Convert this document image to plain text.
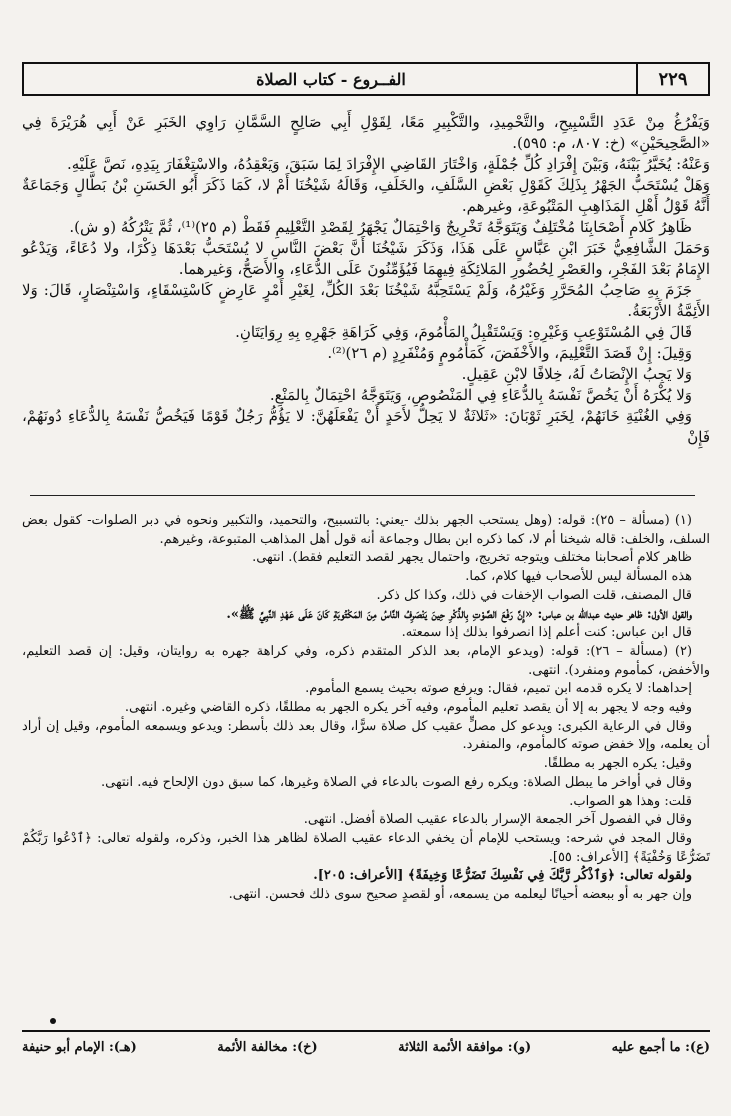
٢٢٩
الفــروع - كتاب الصلاة

وَيَفْرُغُ مِنْ عَدَدِ التَّسْبِيحِ، والتَّحْمِيدِ، والتَّكْبِيرِ مَعًا، لِقَوْلِ أَبِي صَالِحٍ السَّمَّانِ رَاوِي الخَبَرِ عَنْ أَبِي هُرَيْرَةَ فِي «الصَّحِيحَيْنِ» (خ: ٨٠٧، م: ٥٩٥).

وَعَنْهُ: يُخَيَّرُ بَيْنَهُ، وَبَيْنَ إِفْرَادِ كُلِّ جُمْلَةٍ، وَاخْتَارَ القَاضِي الإِفْرَادَ لِمَا سَبَقَ، وَيَعْقِدُهُ، والاسْتِغْفَارَ بِيَدِهِ، نَصَّ عَلَيْهِ.

وَهَلْ يُسْتَحَبُّ الجَهْرُ بِذَلِكَ كَقَوْلِ بَعْضِ السَّلَفِ، والخَلَفِ، وَقَالَهُ شَيْخُنَا أَمْ لا، كَمَا ذَكَرَ أَبُو الحَسَنِ بْنُ بَطَّالٍ وَجَمَاعَةٌ أَنَّهُ قَوْلُ أَهْلِ المَذَاهِبِ المَتْبُوعَةِ، وغيرهم.

ظَاهِرُ كَلامِ أَصْحَابِنَا مُخْتَلِفٌ وَيَتَوَجَّهُ تَخْرِيجٌ وَاحْتِمَالٌ يَجْهَرُ لِقَصْدِ التَّعْلِيمِ فَقَطْ (م ٢٥)⁽¹⁾، ثُمَّ يَتْرُكُهُ (و ش).

وَحَمَلَ الشَّافِعِيُّ خَبَرَ ابْنِ عَبَّاسٍ عَلَى هَذَا، وَذَكَرَ شَيْخُنَا أَنَّ بَعْضَ النَّاسِ لا يُسْتَحَبُّ بَعْدَهَا ذِكْرًا، ولا دُعَاءً، وَيَدْعُو الإِمَامُ بَعْدَ الفَجْرِ، والعَصْرِ لِحُضُورِ المَلائِكَةِ فِيهِمَا فَيُؤَمِّنُونَ عَلَى الدُّعَاءِ، والأَصَحُّ، وَغيرهما.

جَزَمَ بِهِ صَاحِبُ المُحَرَّرِ وَغَيْرُهُ، وَلَمْ يَسْتَحِبَّهُ شَيْخُنَا بَعْدَ الكُلِّ، لِغَيْرِ أَمْرٍ عَارِضٍ كَاسْتِسْقَاءٍ، وَاسْتِنْصَارٍ، قَالَ: وَلا الأَئِمَّةُ الأَرْبَعَةُ.

قَالَ فِي المُسْتَوْعِبِ وَغَيْرِهِ: وَيَسْتَقْبِلُ المَأْمُومَ، وَفِي كَرَاهَةِ جَهْرِهِ بِهِ رِوَايَتَانِ.

وَقِيلَ: إِنْ قَصَدَ التَّعْلِيمَ، والأَخْفَضَ، كَمَأْمُومٍ وَمُنْفَرِدٍ (م ٢٦)⁽²⁾.

وَلا يَجِبُ الإِنْصَاتُ لَهُ، خِلافًا لابْنِ عَقِيلٍ.

وَلا يُكْرَهُ أَنْ يَخُصَّ نَفْسَهُ بِالدُّعَاءِ فِي المَنْصُوصِ، وَيَتَوَجَّهُ احْتِمَالٌ بِالمَنْعِ.

وَفِي الغُنْيَةِ خَانَهُمْ، لِخَبَرِ ثَوْبَانَ: «ثَلاثَةٌ لا يَحِلُّ لأَحَدٍ أَنْ يَفْعَلَهُنَّ: لا يَؤُمُّ رَجُلٌ قَوْمًا فَيَخُصُّ نَفْسَهُ بِالدُّعَاءِ دُونَهُمْ، فَإِنْ

(١) (مسألة – ٢٥): قوله: (وهل يستحب الجهر بذلك -يعني: بالتسبيح، والتحميد، والتكبير ونحوه في دبر الصلوات- كقول بعض السلف، والخلف: قاله شيخنا أم لا، كما ذكره ابن بطال وجماعة أنه قول أهل المذاهب المتبوعة، وغيرهم.

ظاهر كلام أصحابنا مختلف ويتوجه تخريج، واحتمال يجهر لقصد التعليم فقط). انتهى.

هذه المسألة ليس للأصحاب فيها كلام، كما.

قال المصنف، قلت الصواب الإخفات في ذلك، وكذا كل ذكر.

والقول الأول: ظاهر حديث عبدالله بن عباس: «إِنَّ رَفْعَ الصَّوْتِ بِالذِّكْرِ حِينَ يَنْصَرِفُ النَّاسُ مِنَ المَكْتُوبَةِ كَانَ عَلَى عَهْدِ النَّبِيِّ ﷺ».

قال ابن عباس: كنت أعلم إذا انصرفوا بذلك إذا سمعته.

(٢) (مسألة – ٢٦): قوله: (ويدعو الإمام، بعد الذكر المتقدم ذكره، وفي كراهة جهره به روايتان، وقيل: إن قصد التعليم، والأخفض، كمأموم ومنفرد). انتهى.

إحداهما: لا يكره قدمه ابن تميم، فقال: ويرفع صوته بحيث يسمع المأموم.

وفيه وجه لا يجهر به إلا أن يقصد تعليم المأموم، وفيه آخر يكره الجهر به مطلقًا، ذكره القاضي وغيره. انتهى.

وقال في الرعاية الكبرى: ويدعو كل مصلٍّ عقيب كل صلاة سرًّا، وقال بعد ذلك بأسطر: ويدعو ويسمعه المأموم، وقيل إن أراد أن يعلمه، وإلا خفض صوته كالمأموم، والمنفرد.

وقيل: يكره الجهر به مطلقًا.

وقال في أواخر ما يبطل الصلاة: ويكره رفع الصوت بالدعاء في الصلاة وغيرها، كما سبق دون الإلحاح فيه. انتهى.

قلت: وهذا هو الصواب.

وقال في الفصول آخر الجمعة الإسرار بالدعاء عقيب الصلاة أفضل. انتهى.

وقال المجد في شرحه: ويستحب للإمام أن يخفي الدعاء عقيب الصلاة لظاهر هذا الخبر، وذكره، ولقوله تعالى: ﴿ٱدْعُوا رَبَّكُمْ تَضَرُّعًا وَخُفْيَةً﴾ [الأعراف: ٥٥].

ولقوله تعالى: ﴿وَٱذْكُر رَّبَّكَ فِي نَفْسِكَ تَضَرُّعًا وَخِيفَةً﴾ [الأعراف: ٢٠٥].

وإن جهر به أو ببعضه أحيانًا ليعلمه من يسمعه، أو لقصدٍ صحيح سوى ذلك فحسن. انتهى.

(ع): ما أجمع عليه
(و): موافقة الأئمة الثلاثة
(خ): مخالفة الأئمة
(هـ): الإمام أبو حنيفة
